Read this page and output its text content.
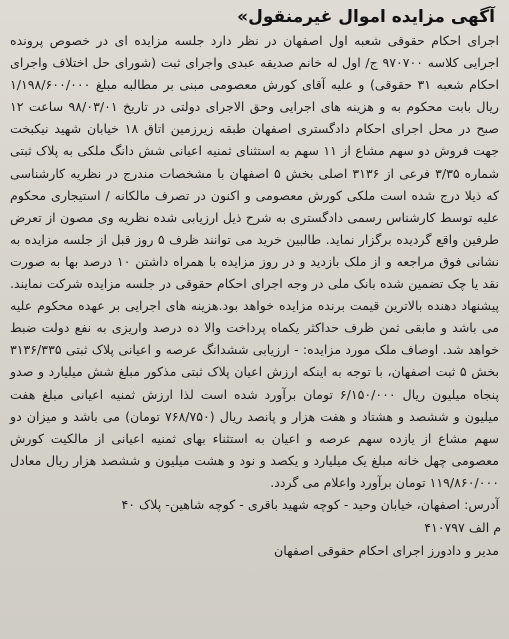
آگهی مزایده اموال غیرمنقول»

اجرای احکام حقوقی شعبه اول اصفهان در نظر دارد جلسه مزایده ای در خصوص پرونده اجرایی کلاسه ۹۷۰۷۰۰ ج/ اول له خانم صدیقه عبدی واجرای ثبت (شورای حل اختلاف واجرای احکام شعبه ۳۱ حقوقی) و علیه آقای کورش معصومی مبنی بر مطالبه مبلغ ۱/۱۹۸/۶۰۰/۰۰۰ ریال بابت محکوم به و هزینه های اجرایی وحق الاجرای دولتی در تاریخ ۹۸/۰۳/۰۱ ساعت ۱۲ صبح در محل اجرای احکام دادگستری اصفهان طبقه زیرزمین اتاق ۱۸ خیابان شهید نیکبخت جهت فروش دو سهم مشاع از ۱۱ سهم به استثنای ثمنیه اعیانی شش دانگ ملکی به پلاک ثبتی شماره ۳/۳۵ فرعی از ۳۱۳۶ اصلی بخش ۵ اصفهان با مشخصات مندرج در نظریه کارشناسی که ذیلا درج شده است ملکی کورش معصومی و اکنون در تصرف مالکانه / استیجاری محکوم علیه توسط کارشناس رسمی دادگستری به شرح ذیل ارزیابی شده نظریه وی مصون از تعرض طرفین واقع گردیده برگزار نماید. طالبین خرید می توانند ظرف ۵ روز قبل از جلسه مزایده به نشانی فوق مراجعه و از ملک بازدید و در روز مزایده با همراه داشتن ۱۰ درصد بها به صورت نقد یا چک تضمین شده بانک ملی در وجه اجرای احکام حقوقی در جلسه مزایده شرکت نمایند. پیشنهاد دهنده بالاترین قیمت برنده مزایده خواهد بود.هزینه های اجرایی بر عهده محکوم علیه می باشد و مابقی ثمن ظرف حداکثر یکماه پرداخت والا ده درصد واریزی به نفع دولت ضبط خواهد شد. اوصاف ملک مورد مزایده: - ارزیابی ششدانگ عرصه و اعیانی پلاک ثبتی ۳۱۳۶/۳۳۵ بخش ۵ ثبت اصفهان، با توجه به اینکه ارزش اعیان پلاک ثبتی مذکور مبلغ شش میلیارد و صدو پنجاه میلیون ریال ۶/۱۵۰/۰۰۰ تومان برآورد شده است لذا ارزش ثمنیه اعیانی مبلغ هفت میلیون و ششصد و هشتاد و هفت هزار و پانصد ریال (۷۶۸/۷۵۰ تومان) می باشد و میزان دو سهم مشاع از یازده سهم عرصه و اعیان به استثناء بهای ثمنیه اعیانی از مالکیت کورش معصومی چهل خانه مبلغ یک میلیارد و یکصد و نود و هشت میلیون و ششصد هزار ریال معادل ۱۱۹/۸۶۰/۰۰۰ تومان برآورد واعلام می گردد.

آدرس: اصفهان، خیابان وحید - کوچه شهید باقری - کوچه شاهین- پلاک ۴۰

م الف ۴۱۰۷۹۷
مدیر و دادورز اجرای احکام حقوقی اصفهان
